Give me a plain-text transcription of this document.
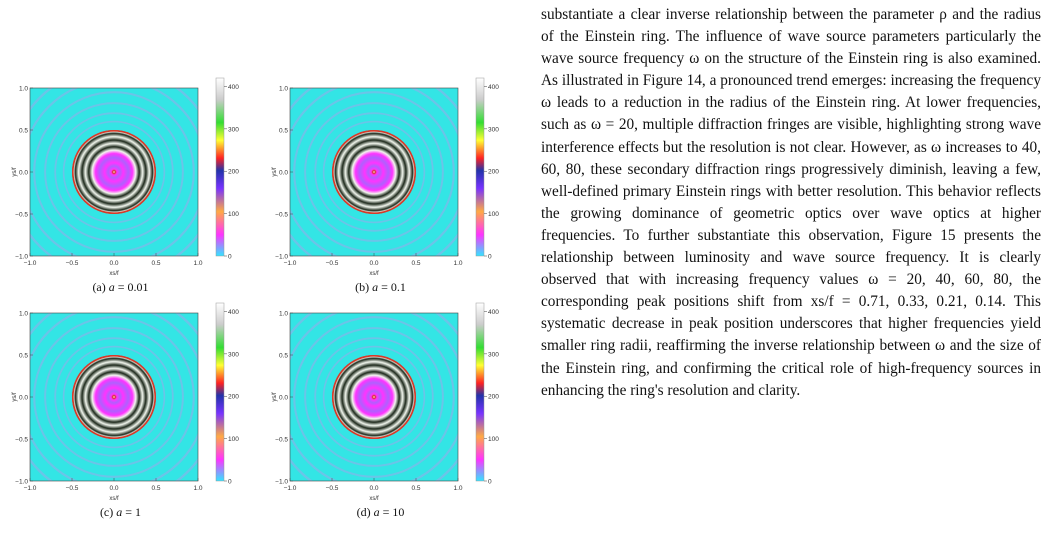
−1.0
1.0
−0.5
0.5
0.0
0.0
0.5
−0.5
1.0
−1.0
xs/f
ys/f
400
300
200
100
0
(a) a = 0.01
−1.0
1.0
−0.5
0.5
0.0
0.0
0.5
−0.5
1.0
−1.0
xs/f
ys/f
400
300
200
100
0
(b) a = 0.1
−1.0
1.0
−0.5
0.5
0.0
0.0
0.5
−0.5
1.0
−1.0
xs/f
ys/f
400
300
200
100
0
(c) a = 1
−1.0
1.0
−0.5
0.5
0.0
0.0
0.5
−0.5
1.0
−1.0
xs/f
ys/f
400
300
200
100
0
(d) a = 10

substantiate a clear inverse relationship between the parameter ρ and the radius of the Einstein ring. The influence of wave source parameters particularly the wave source frequency ω on the structure of the Einstein ring is also examined. As illustrated in Figure 14, a pronounced trend emerges: increasing the frequency ω leads to a reduction in the radius of the Einstein ring. At lower frequencies, such as ω = 20, multiple diffraction fringes are visible, highlighting strong wave interference effects but the resolution is not clear. However, as ω increases to 40, 60, 80, these secondary diffraction rings progressively diminish, leaving a few, well-defined primary Einstein rings with better resolution. This behavior reflects the growing dominance of geometric optics over wave optics at higher frequencies. To further substantiate this observation, Figure 15 presents the relationship between luminosity and wave source frequency. It is clearly observed that with increasing frequency values ω = 20, 40, 60, 80, the corresponding peak positions shift from xs/f = 0.71, 0.33, 0.21, 0.14. This systematic decrease in peak position underscores that higher frequencies yield smaller ring radii, reaffirming the inverse relationship between ω and the size of the Einstein ring, and confirming the critical role of high-frequency sources in enhancing the ring's resolution and clarity.
